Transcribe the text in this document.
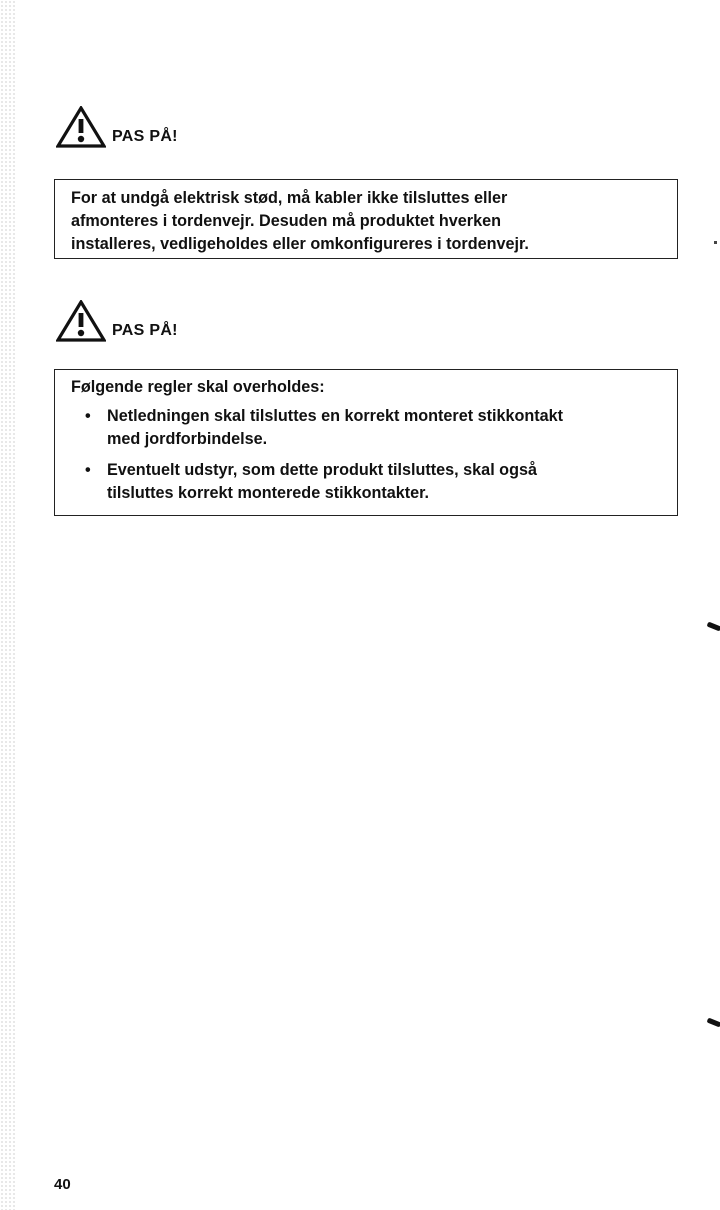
PAS PÅ!

For at undgå elektrisk stød, må kabler ikke tilsluttes eller

afmonteres i tordenvejr. Desuden må produktet hverken

installeres, vedligeholdes eller omkonfigureres i tordenvejr.

PAS PÅ!

Følgende regler skal overholdes:

• Netledningen skal tilsluttes en korrekt monteret stikkontakt
med jordforbindelse.
• Eventuelt udstyr, som dette produkt tilsluttes, skal også
tilsluttes korrekt monterede stikkontakter.
40
